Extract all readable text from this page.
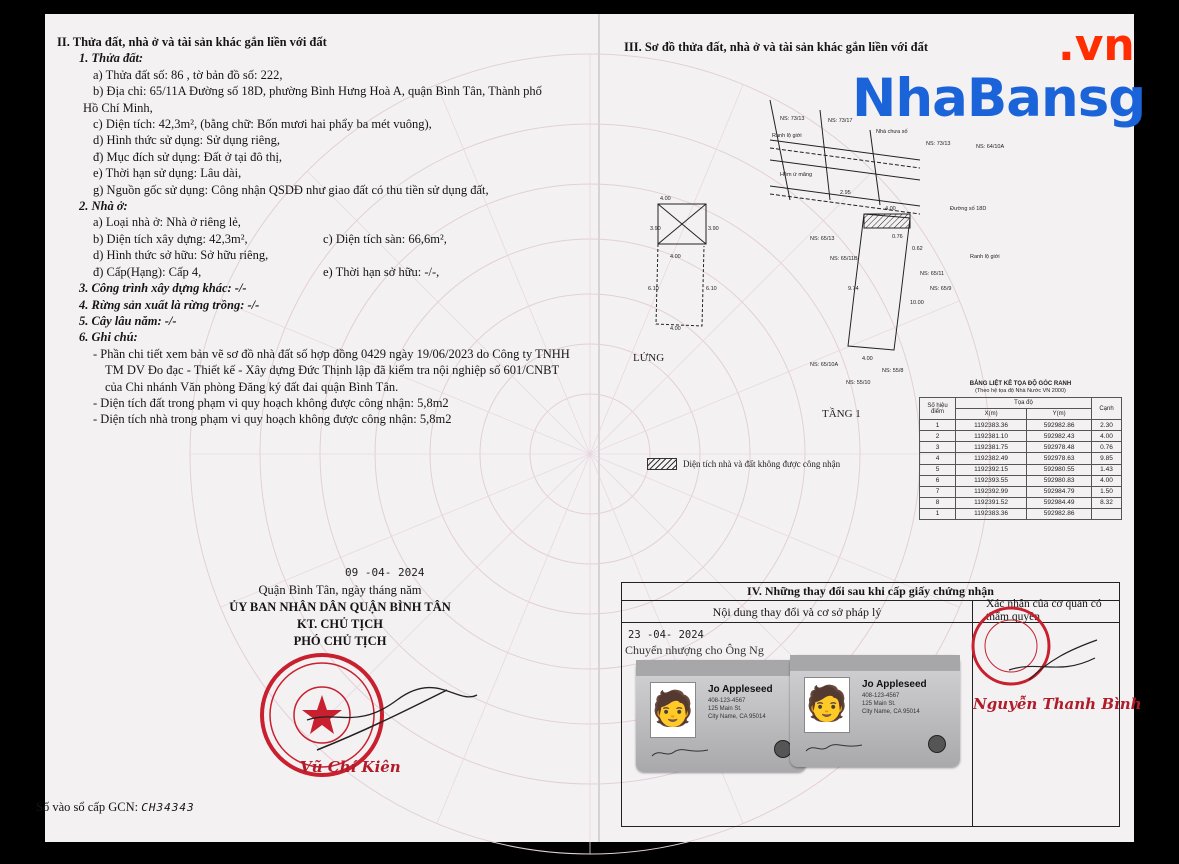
II. Thửa đất, nhà ở và tài sản khác gắn liền với đất
1. Thửa đất:
a) Thửa đất số: 86 , tờ bản đồ số: 222,
b) Địa chỉ: 65/11A Đường số 18D, phường Bình Hưng Hoà A, quận Bình Tân, Thành phố
Hồ Chí Minh,
c) Diện tích: 42,3m², (bằng chữ: Bốn mươi hai phẩy ba mét vuông),
d) Hình thức sử dụng: Sử dụng riêng,
đ) Mục đích sử dụng: Đất ở tại đô thị,
e) Thời hạn sử dụng: Lâu dài,
g) Nguồn gốc sử dụng: Công nhận QSDĐ như giao đất có thu tiền sử dụng đất,
2. Nhà ở:
a) Loại nhà ở: Nhà ở riêng lẻ,
b) Diện tích xây dựng: 42,3m²,	c) Diện tích sàn: 66,6m²,
d) Hình thức sở hữu: Sở hữu riêng,
đ) Cấp(Hạng): Cấp 4,	e) Thời hạn sở hữu: -/-,
3. Công trình xây dựng khác: -/-
4. Rừng sản xuất là rừng trồng: -/-
5. Cây lâu năm: -/-
6. Ghi chú:
- Phần chi tiết xem bản vẽ sơ đồ nhà đất số hợp đồng 0429 ngày 19/06/2023 do Công ty TNHH TM DV Đo đạc - Thiết kế - Xây dựng Đức Thịnh lập đã kiểm tra nội nghiệp số 601/CNBT của Chi nhánh Văn phòng Đăng ký đất đai quận Bình Tân.
- Diện tích đất trong phạm vi quy hoạch không được công nhận: 5,8m2
- Diện tích nhà trong phạm vi quy hoạch không được công nhận: 5,8m2
09 -04- 2024
Quận Bình Tân, ngày tháng năm
ỦY BAN NHÂN DÂN QUẬN BÌNH TÂN
KT. CHỦ TỊCH
PHÓ CHỦ TỊCH
Vũ Chí Kiên
Số vào sổ cấp GCN: CH34343
III. Sơ đồ thửa đất, nhà ở và tài sản khác gắn liền với đất
NS: 73/13	NS: 73/17
Nhà chưa số
NS: 73/13	NS: 64/10A
Ranh lộ giới
Hẻm ứ mãng
Đường số 18D
Ranh lộ giới
4.00
4.00
3.90	3.90
6.10	6.10
4.00
2.95
4.00
9.74
10.00
4.00
0.76
0.62
NS: 65/13
NS: 65/11B
NS: 65/11
NS: 65/9
NS: 65/10A
NS: 55/8
NS: 55/10
LỬNG
TẦNG 1
Diện tích nhà và đất không được công nhận
BẢNG LIỆT KÊ TỌA ĐỘ GÓC RANH
(Theo hệ tọa độ Nhà Nước VN 2000)
Số hiệu điểm	Tọa độ		Cạnh
	X(m)	Y(m)	
1	1192383.36	592982.86	2.30
2	1192381.10	592982.43	4.00
3	1192381.75	592978.48	0.76
4	1192382.49	592978.63	9.85
5	1192392.15	592980.55	1.43
6	1192393.55	592980.83	4.00
7	1192392.99	592984.79	1.50
8	1192391.52	592984.49	8.32
1	1192383.36	592982.86	
IV. Những thay đổi sau khi cấp giấy chứng nhận
Nội dung thay đổi và cơ sở pháp lý
Xác nhận của cơ quan có thẩm quyền
23 -04- 2024
Chuyển nhượng cho Ông Ng
Nguyễn Thanh Bình
.vn
NhaBansg
🧑
Jo Appleseed
408-123-4567
125 Main St.
City Name, CA 95014 🧑
Jo Appleseed
408-123-4567
125 Main St.
City Name, CA 95014
